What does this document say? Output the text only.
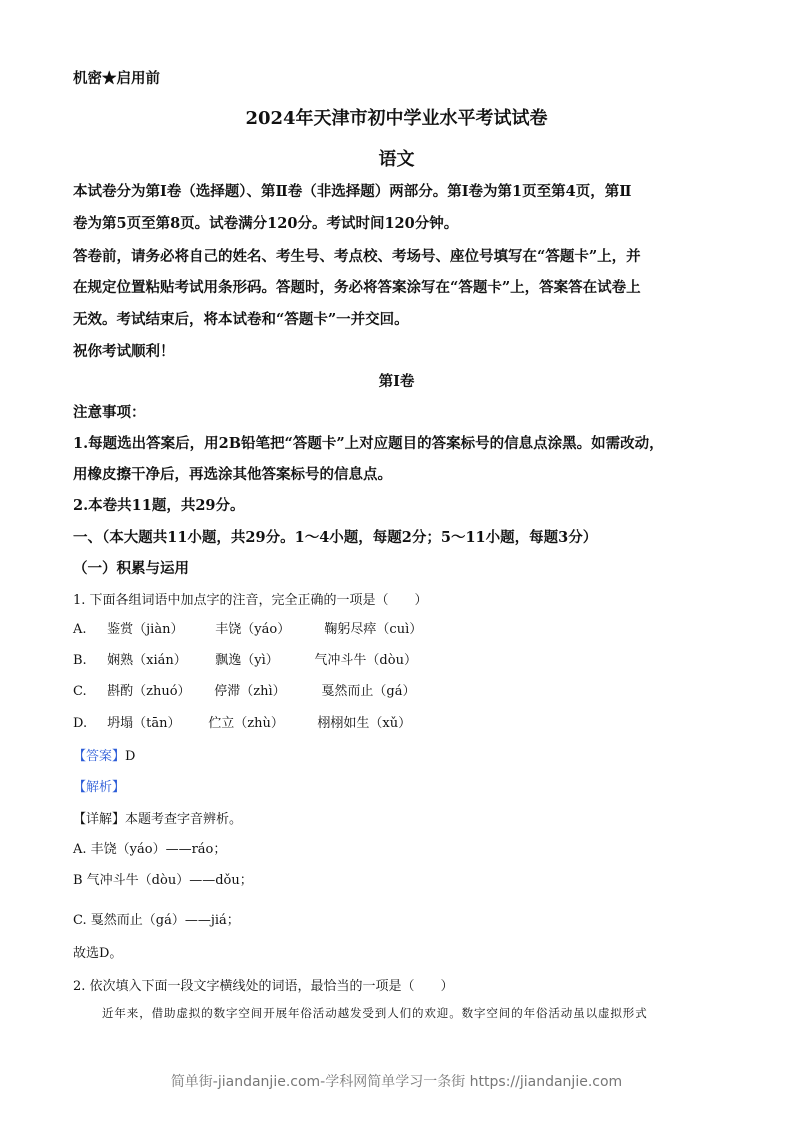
机密★启用前
2024年天津市初中学业水平考试试卷
语文
本试卷分为第Ⅰ卷（选择题）、第Ⅱ卷（非选择题）两部分。第Ⅰ卷为第1页至第4页，第Ⅱ
卷为第5页至第8页。试卷满分120分。考试时间120分钟。
答卷前，请务必将自己的姓名、考生号、考点校、考场号、座位号填写在“答题卡”上，并
在规定位置粘贴考试用条形码。答题时，务必将答案涂写在“答题卡”上，答案答在试卷上
无效。考试结束后，将本试卷和“答题卡”一并交回。
祝你考试顺利！
第Ⅰ卷
注意事项：
1.每题选出答案后，用2B铅笔把“答题卡”上对应题目的答案标号的信息点涂黑。如需改动，
用橡皮擦干净后，再选涂其他答案标号的信息点。
2.本卷共11题，共29分。
一、（本大题共11小题，共29分。1～4小题，每题2分；5～11小题，每题3分）
（一）积累与运用
1. 下面各组词语中加点字的注音，完全正确的一项是（　　）
A. 鉴赏（jiàn） 丰饶（yáo）	鞠躬尽瘁（cuì）
B. 娴熟（xián） 飘逸（yì）	气冲斗牛（dòu）
C. 斟酌（zhuó） 停滞（zhì）	戛然而止（gá）
D. 坍塌（tān） 伫立（zhù）	栩栩如生（xǔ）
【答案】D
【解析】
【详解】本题考查字音辨析。
A. 丰饶（yáo）——ráo；
B 气冲斗牛（dòu）——dǒu；
C. 戛然而止（gá）——jiá；
故选D。
2. 依次填入下面一段文字横线处的词语，最恰当的一项是（　　）
近年来，借助虚拟的数字空间开展年俗活动越发受到人们的欢迎。数字空间的年俗活动虽以虚拟形式
简单街-jiandanjie.com-学科网简单学习一条街 https://jiandanjie.com
